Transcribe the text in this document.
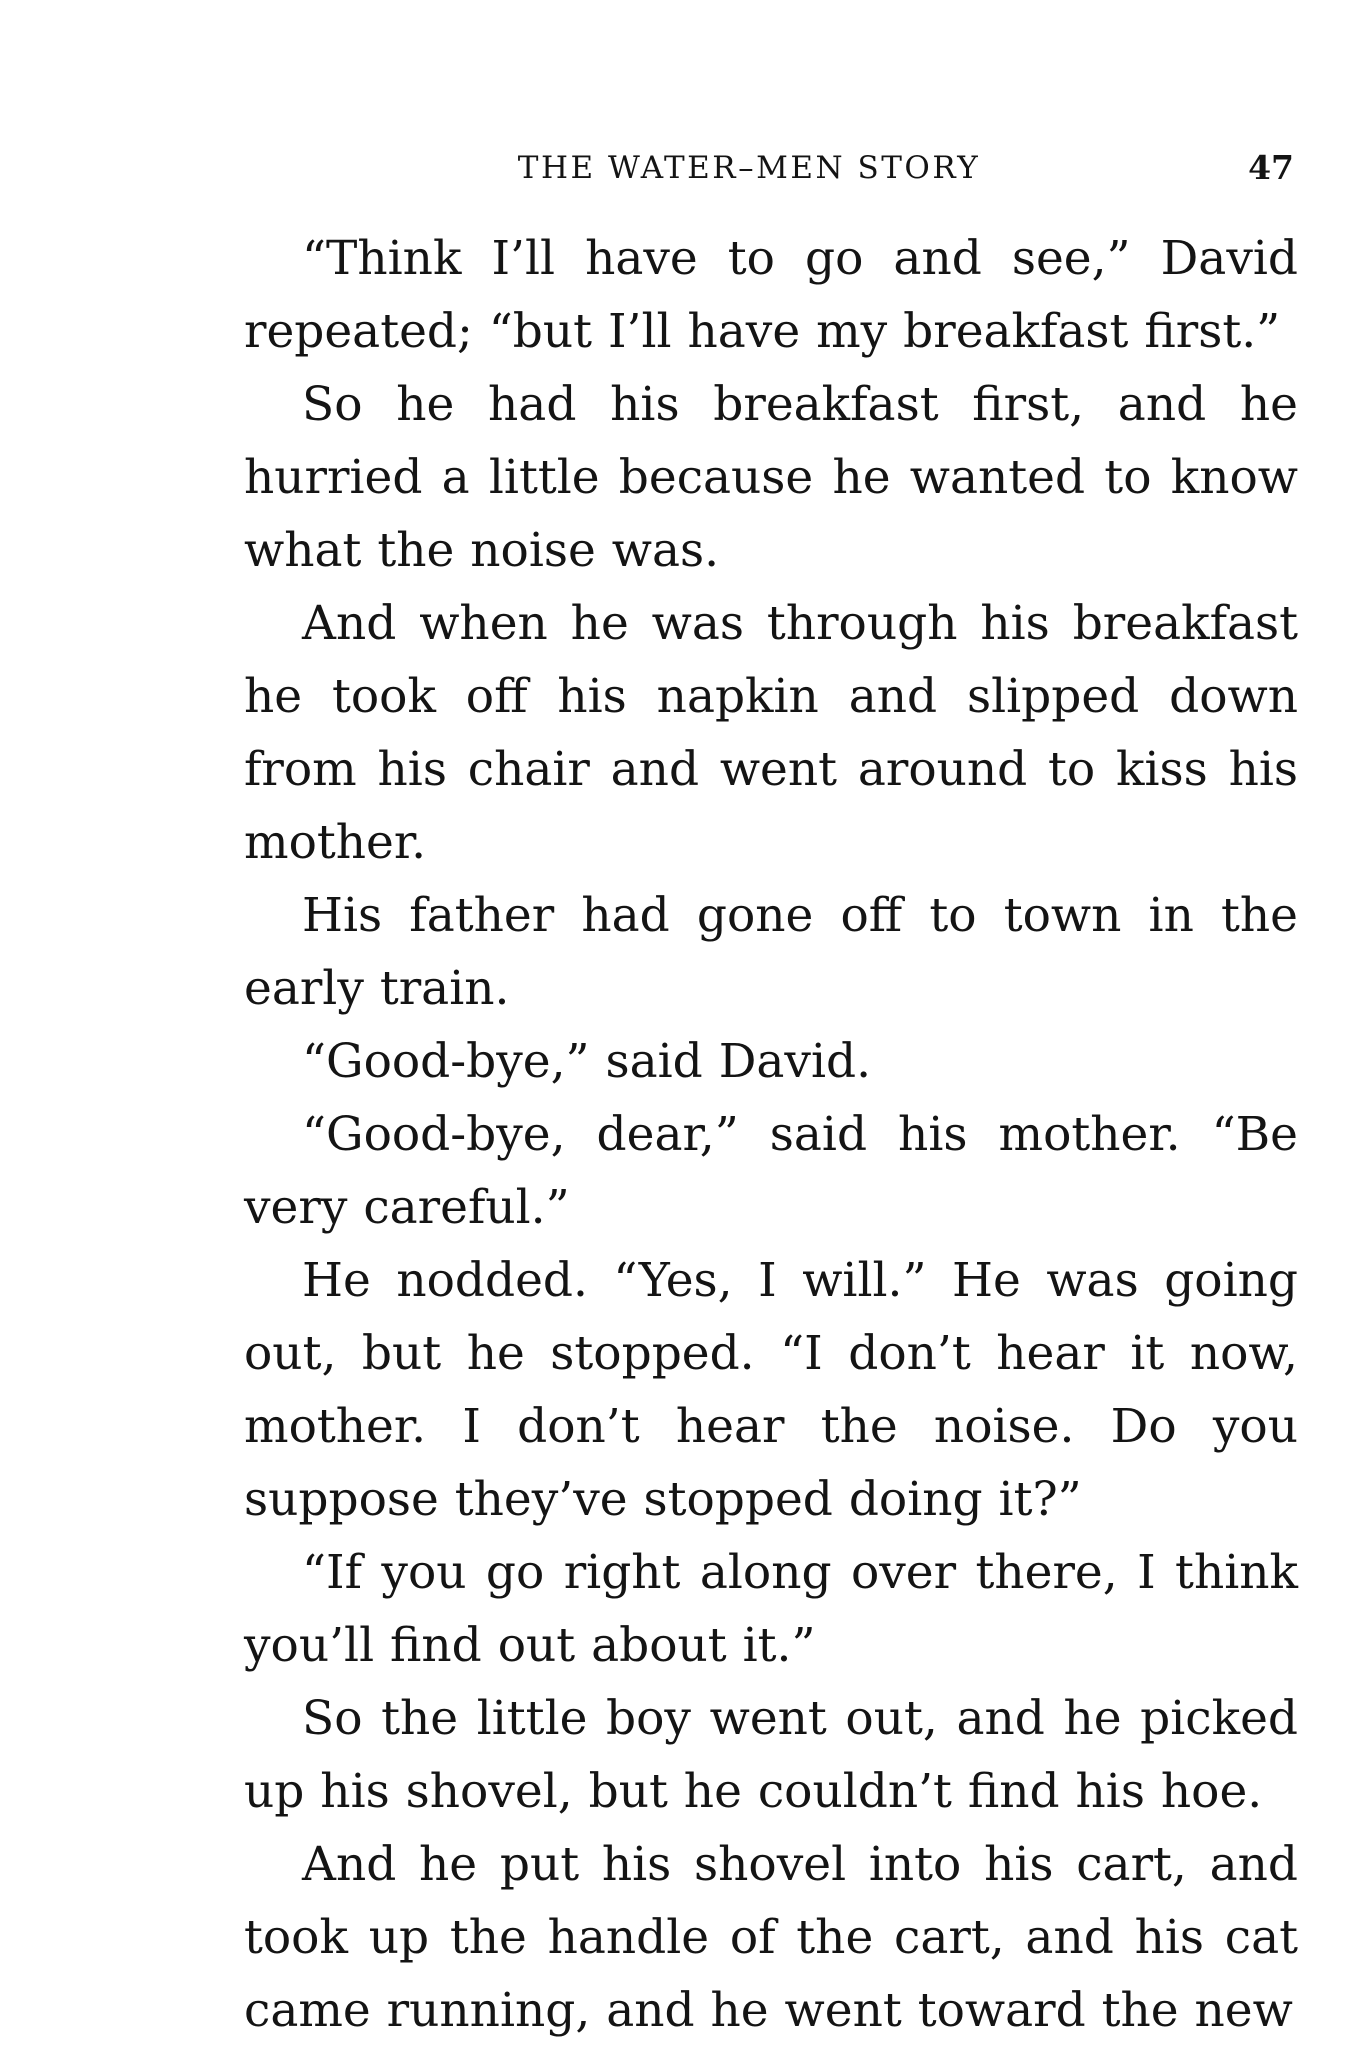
THE WATER–MEN STORY	47

“Think I’ll have to go and see,” David repeated; “but I’ll have my breakfast first.”

So he had his breakfast first, and he hurried a little because he wanted to know what the noise was.

And when he was through his breakfast he took off his napkin and slipped down from his chair and went around to kiss his mother.

His father had gone off to town in the early train.

“Good-bye,” said David.

“Good-bye, dear,” said his mother. “Be very careful.”

He nodded. “Yes, I will.” He was going out, but he stopped. “I don’t hear it now, mother. I don’t hear the noise. Do you suppose they’ve stopped doing it?”

“If you go right along over there, I think you’ll find out about it.”

So the little boy went out, and he picked up his shovel, but he couldn’t find his hoe.

And he put his shovel into his cart, and took up the handle of the cart, and his cat came running, and he went toward the new
